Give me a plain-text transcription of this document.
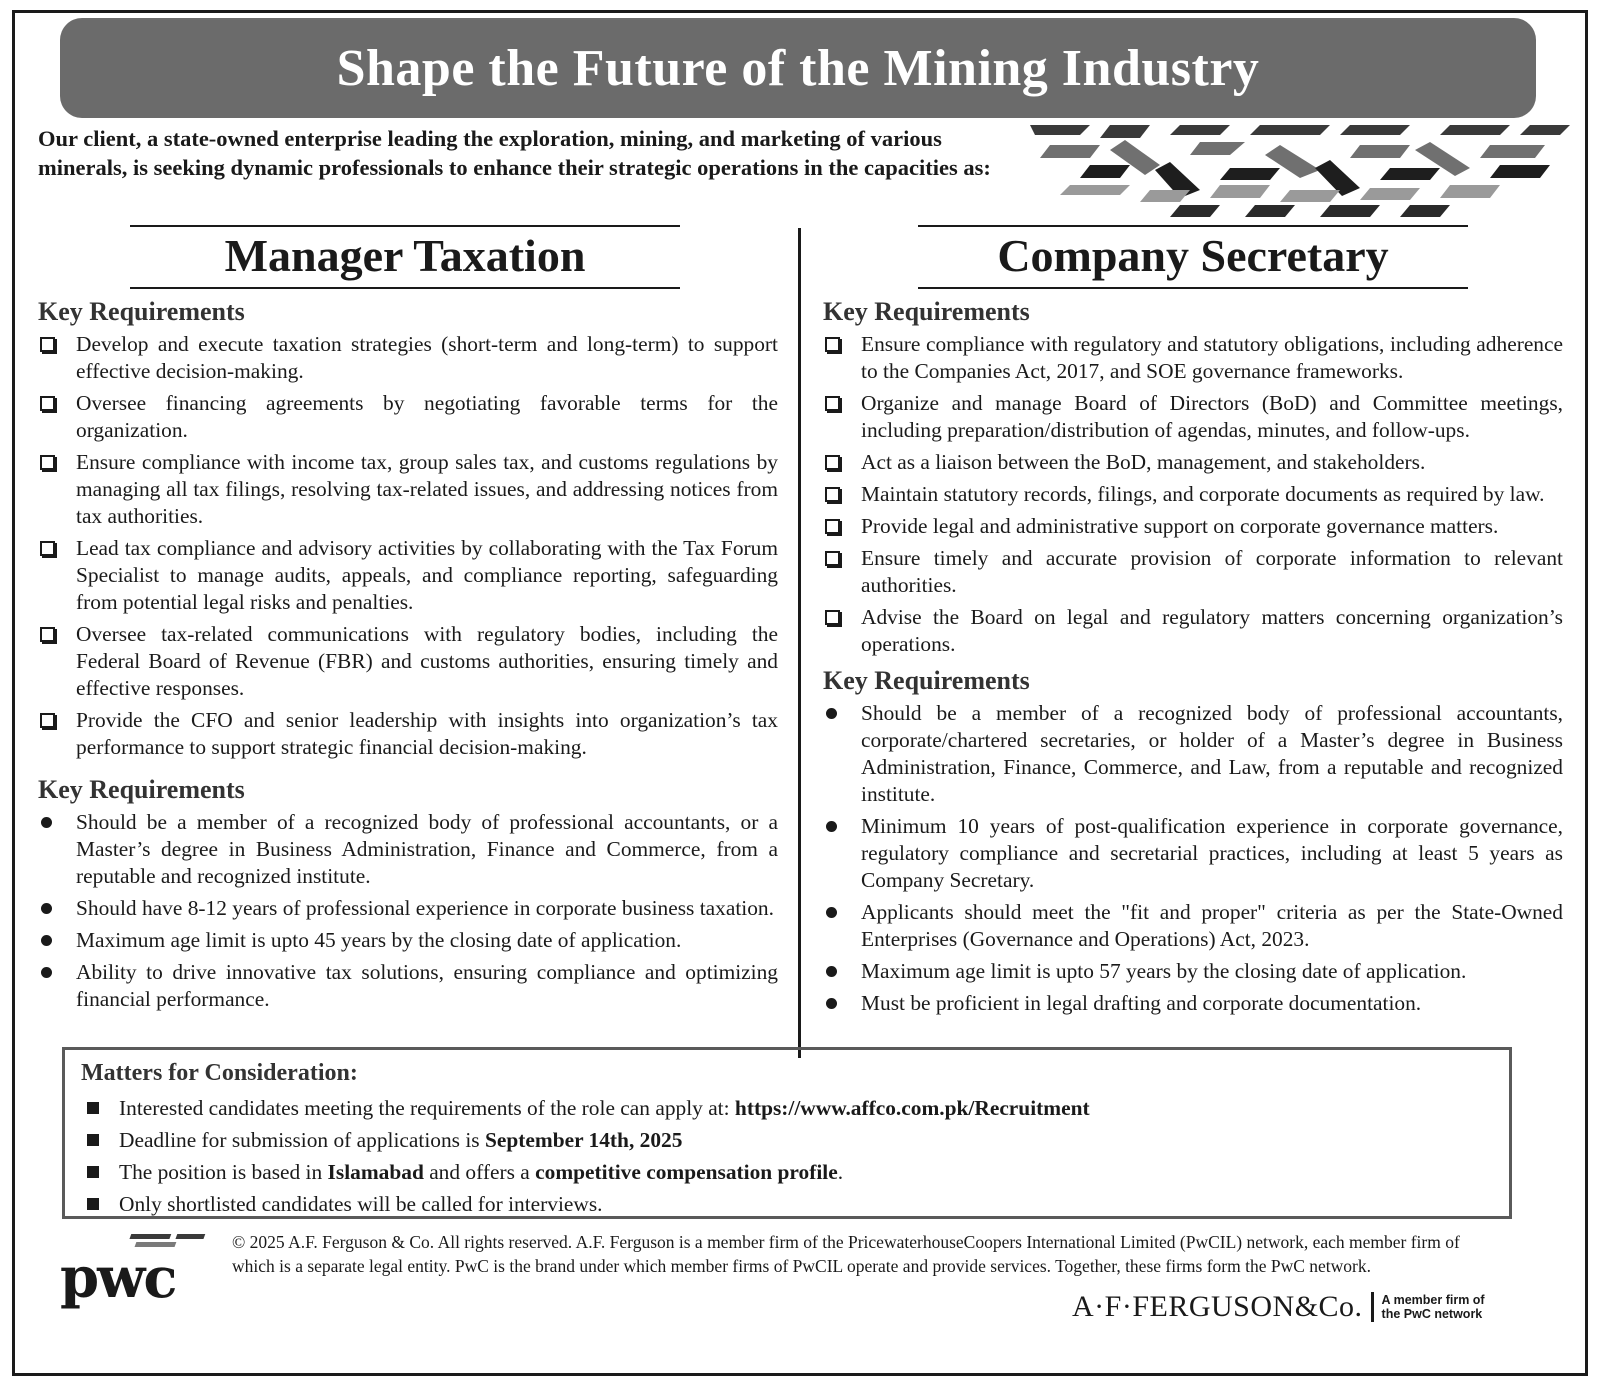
Shape the Future of the Mining Industry
Our client, a state-owned enterprise leading the exploration, mining, and marketing of various minerals, is seeking dynamic professionals to enhance their strategic operations in the capacities as:
Manager Taxation
Key Requirements
Develop and execute taxation strategies (short-term and long-term) to support effective decision-making.
Oversee financing agreements by negotiating favorable terms for the organization.
Ensure compliance with income tax, group sales tax, and customs regulations by managing all tax filings, resolving tax-related issues, and addressing notices from tax authorities.
Lead tax compliance and advisory activities by collaborating with the Tax Forum Specialist to manage audits, appeals, and compliance reporting, safeguarding from potential legal risks and penalties.
Oversee tax-related communications with regulatory bodies, including the Federal Board of Revenue (FBR) and customs authorities, ensuring timely and effective responses.
Provide the CFO and senior leadership with insights into organization’s tax performance to support strategic financial decision-making.
Key Requirements
Should be a member of a recognized body of professional accountants, or a Master’s degree in Business Administration, Finance and Commerce, from a reputable and recognized institute.
Should have 8-12 years of professional experience in corporate business taxation.
Maximum age limit is upto 45 years by the closing date of application.
Ability to drive innovative tax solutions, ensuring compliance and optimizing financial performance.
Company Secretary
Key Requirements
Ensure compliance with regulatory and statutory obligations, including adherence to the Companies Act, 2017, and SOE governance frameworks.
Organize and manage Board of Directors (BoD) and Committee meetings, including preparation/distribution of agendas, minutes, and follow-ups.
Act as a liaison between the BoD, management, and stakeholders.
Maintain statutory records, filings, and corporate documents as required by law.
Provide legal and administrative support on corporate governance matters.
Ensure timely and accurate provision of corporate information to relevant authorities.
Advise the Board on legal and regulatory matters concerning organization’s operations.
Key Requirements
Should be a member of a recognized body of professional accountants, corporate/chartered secretaries, or holder of a Master’s degree in Business Administration, Finance, Commerce, and Law, from a reputable and recognized institute.
Minimum 10 years of post-qualification experience in corporate governance, regulatory compliance and secretarial practices, including at least 5 years as Company Secretary.
Applicants should meet the "fit and proper" criteria as per the State-Owned Enterprises (Governance and Operations) Act, 2023.
Maximum age limit is upto 57 years by the closing date of application.
Must be proficient in legal drafting and corporate documentation.
Matters for Consideration:
Interested candidates meeting the requirements of the role can apply at: https://www.affco.com.pk/Recruitment
Deadline for submission of applications is September 14th, 2025
The position is based in Islamabad and offers a competitive compensation profile.
Only shortlisted candidates will be called for interviews.
pwc
© 2025 A.F. Ferguson & Co. All rights reserved. A.F. Ferguson is a member firm of the PricewaterhouseCoopers International Limited (PwCIL) network, each member firm of which is a separate legal entity. PwC is the brand under which member firms of PwCIL operate and provide services. Together, these firms form the PwC network.
A·F·FERGUSON&Co. A member firm of
the PwC network
